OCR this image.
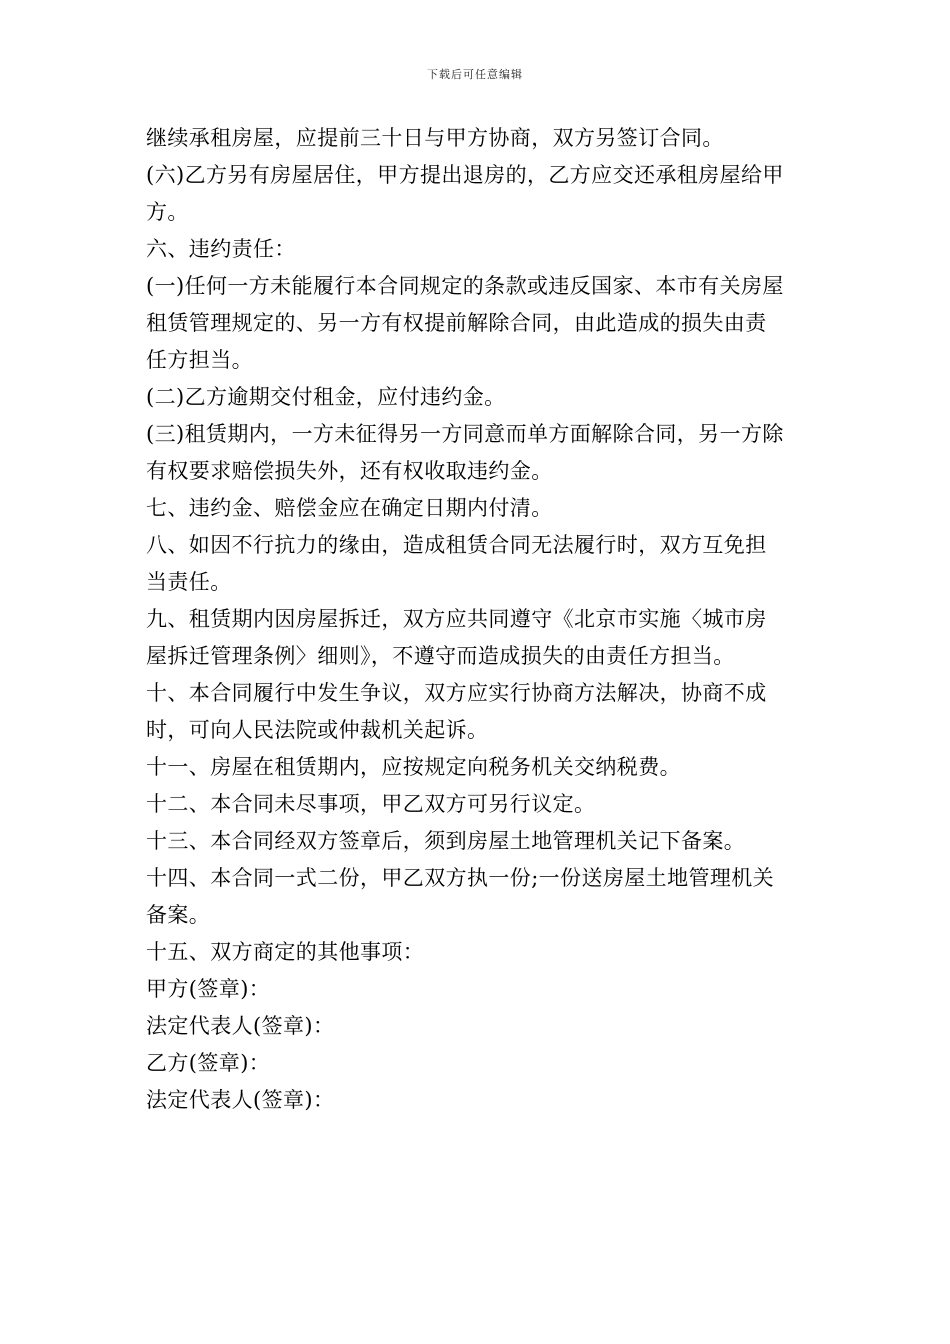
下载后可任意编辑
继续承租房屋，应提前三十日与甲方协商，双方另签订合同。
(六)乙方另有房屋居住，甲方提出退房的，乙方应交还承租房屋给甲
方。
六、违约责任：
(一)任何一方未能履行本合同规定的条款或违反国家、本市有关房屋
租赁管理规定的、另一方有权提前解除合同，由此造成的损失由责
任方担当。
(二)乙方逾期交付租金，应付违约金。
(三)租赁期内，一方未征得另一方同意而单方面解除合同，另一方除
有权要求赔偿损失外，还有权收取违约金。
七、违约金、赔偿金应在确定日期内付清。
八、如因不行抗力的缘由，造成租赁合同无法履行时，双方互免担
当责任。
九、租赁期内因房屋拆迁，双方应共同遵守《北京市实施〈城市房
屋拆迁管理条例〉细则》，不遵守而造成损失的由责任方担当。
十、本合同履行中发生争议，双方应实行协商方法解决，协商不成
时，可向人民法院或仲裁机关起诉。
十一、房屋在租赁期内，应按规定向税务机关交纳税费。
十二、本合同未尽事项，甲乙双方可另行议定。
十三、本合同经双方签章后，须到房屋土地管理机关记下备案。
十四、本合同一式二份，甲乙双方执一份;一份送房屋土地管理机关
备案。
十五、双方商定的其他事项：
甲方(签章)：
法定代表人(签章)：
乙方(签章)：
法定代表人(签章)：
